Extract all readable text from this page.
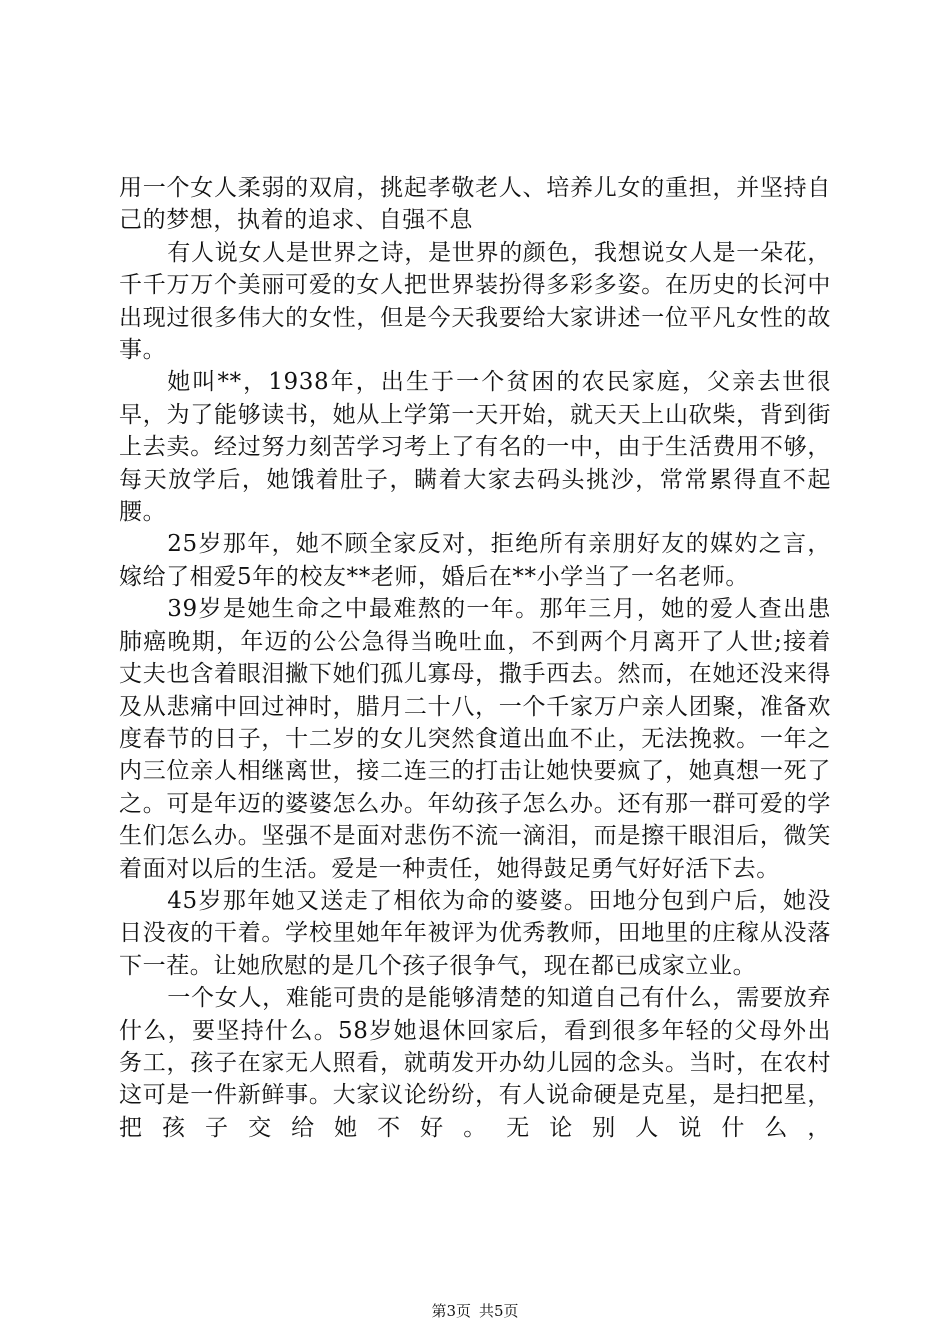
用一个女人柔弱的双肩，挑起孝敬老人、培养儿女的重担，并坚持自己的梦想，执着的追求、自强不息

有人说女人是世界之诗，是世界的颜色，我想说女人是一朵花，千千万万个美丽可爱的女人把世界装扮得多彩多姿。在历史的长河中出现过很多伟大的女性，但是今天我要给大家讲述一位平凡女性的故事。

她叫**，1938年，出生于一个贫困的农民家庭，父亲去世很早，为了能够读书，她从上学第一天开始，就天天上山砍柴，背到街上去卖。经过努力刻苦学习考上了有名的一中，由于生活费用不够，每天放学后，她饿着肚子，瞒着大家去码头挑沙，常常累得直不起腰。

25岁那年，她不顾全家反对，拒绝所有亲朋好友的媒妁之言，嫁给了相爱5年的校友**老师，婚后在**小学当了一名老师。

39岁是她生命之中最难熬的一年。那年三月，她的爱人查出患肺癌晚期，年迈的公公急得当晚吐血，不到两个月离开了人世;接着丈夫也含着眼泪撇下她们孤儿寡母，撒手西去。然而，在她还没来得及从悲痛中回过神时，腊月二十八，一个千家万户亲人团聚，准备欢度春节的日子，十二岁的女儿突然食道出血不止，无法挽救。一年之内三位亲人相继离世，接二连三的打击让她快要疯了，她真想一死了之。可是年迈的婆婆怎么办。年幼孩子怎么办。还有那一群可爱的学生们怎么办。坚强不是面对悲伤不流一滴泪，而是擦干眼泪后，微笑着面对以后的生活。爱是一种责任，她得鼓足勇气好好活下去。

45岁那年她又送走了相依为命的婆婆。田地分包到户后，她没日没夜的干着。学校里她年年被评为优秀教师，田地里的庄稼从没落下一茬。让她欣慰的是几个孩子很争气，现在都已成家立业。

一个女人，难能可贵的是能够清楚的知道自己有什么，需要放弃什么，要坚持什么。58岁她退休回家后，看到很多年轻的父母外出务工，孩子在家无人照看，就萌发开办幼儿园的念头。当时，在农村这可是一件新鲜事。大家议论纷纷，有人说命硬是克星，是扫把星，把孩子交给她不好。无论别人说什么，

第3页 共5页
